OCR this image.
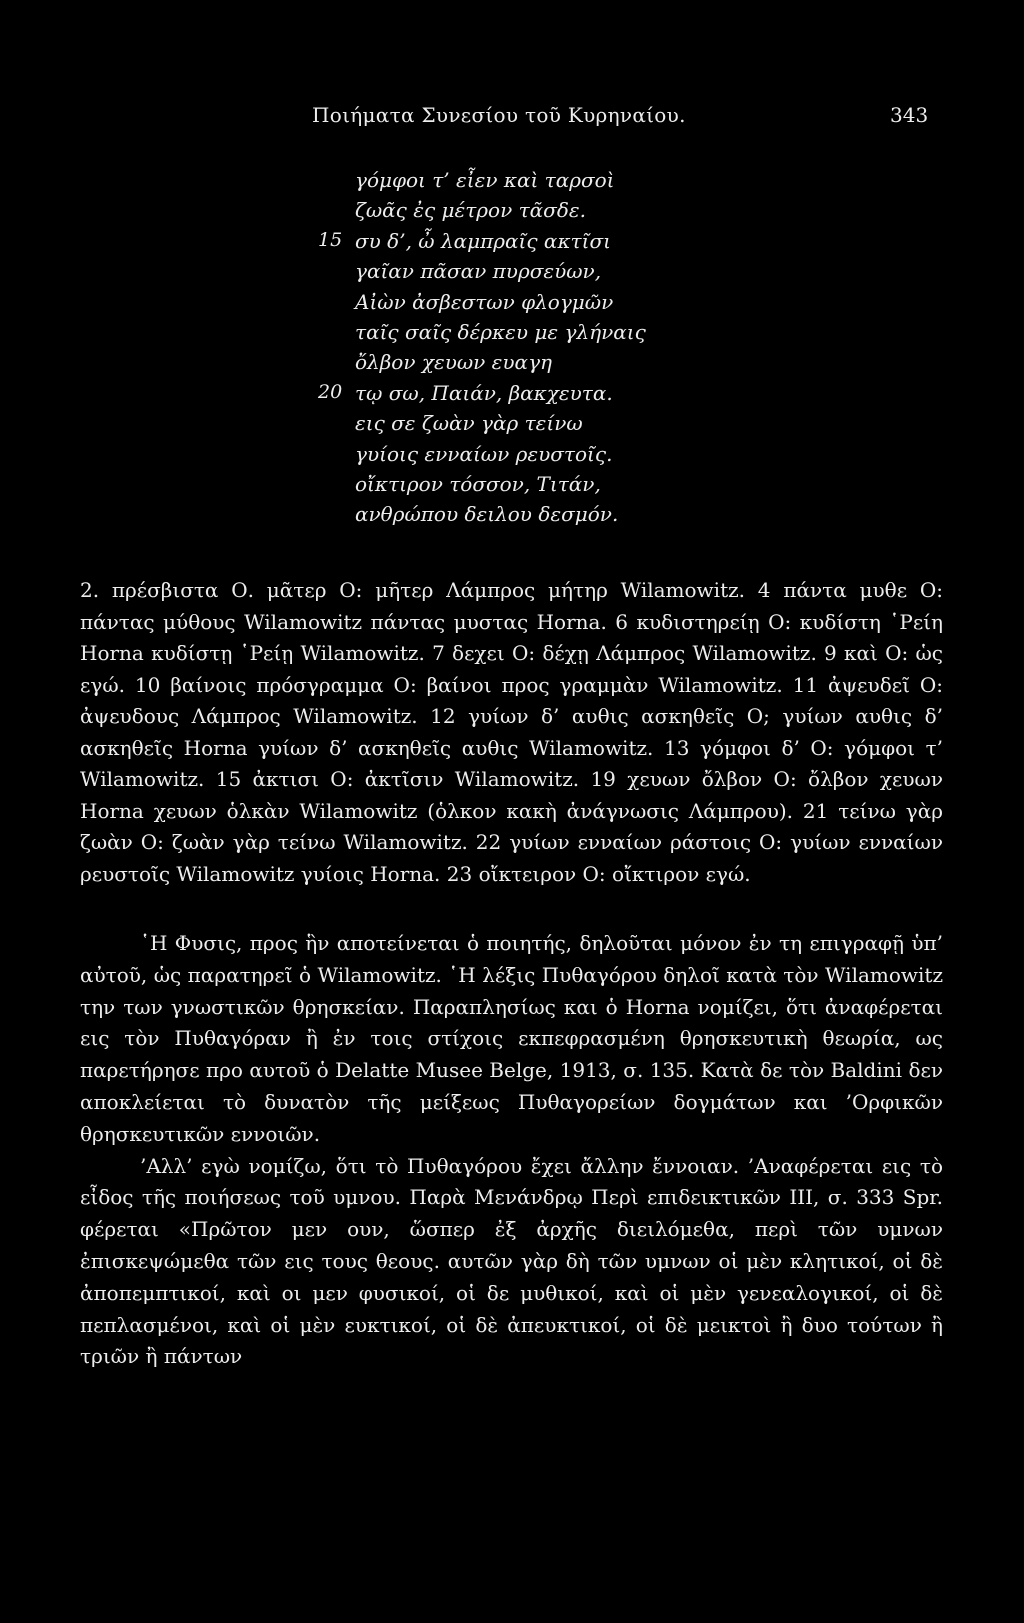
Ποιήματα Συνεσίου τοῦ Κυρηναίου.	343
γόμφοι τ’ εἶεν καὶ ταρσοὶ
ζωᾶς ἐς μέτρον τᾶσδε.
15 συ δ’, ὦ λαμπραῖς ακτῖσι
γαῖαν πᾶσαν πυρσεύων,
Αἰὼν ἀσβεστων φλογμῶν
ταῖς σαῖς δέρκευ με γλήναις
ὄλβον χευων ευαγη
20 τῳ σω, Παιάν, βακχευτα.
εις σε ζωὰν γὰρ τείνω
γυίοις ενναίων ρευστοῖς.
οἴκτιρον τόσσον, Τιτάν,
ανθρώπου δειλου δεσμόν.

2. πρέσβιστα Ο. μᾶτερ Ο: μῆτερ Λάμπρος μήτηρ Wilamowitz. 4 πάντα μυθε Ο: πάντας μύθους Wilamowitz πάντας μυστας Horna. 6 κυδιστηρείῃ Ο: κυδίστη ῾Ρείη Horna κυδίστῃ ῾Ρείῃ Wilamowitz. 7 δεχει Ο: δέχῃ Λάμπρος Wilamowitz. 9 καὶ Ο: ὡς εγώ. 10 βαίνοις πρόσγραμμα Ο: βαίνοι προς γραμμὰν Wilamowitz. 11 ἀψευδεῖ Ο: ἀψευδους Λάμπρος Wilamowitz. 12 γυίων δ’ αυθις ασκηθεῖς Ο; γυίων αυθις δ’ ασκηθεῖς Horna γυίων δ’ ασκηθεῖς αυθις Wilamowitz. 13 γόμφοι δ’ Ο: γόμφοι τ’ Wilamowitz. 15 ἀκτισι Ο: ἀκτῖσιν Wilamowitz. 19 χευων ὄλβον Ο: ὄλβον χευων Horna χευων ὁλκὰν Wilamowitz (ὁλκον κακὴ ἀνάγνωσις Λάμπρου). 21 τείνω γὰρ ζωὰν Ο: ζωὰν γὰρ τείνω Wilamowitz. 22 γυίων ενναίων ράστοις Ο: γυίων ενναίων ρευστοῖς Wilamowitz γυίοις Horna. 23 οἴκτειρον Ο: οἴκτιρον εγώ.

῾Η Φυσις, προς ἣν αποτείνεται ὁ ποιητής, δηλοῦται μόνον ἐν τη επιγραφῇ ὑπ’ αὐτοῦ, ὡς παρατηρεῖ ὁ Wilamowitz. ῾Η λέξις Πυθαγόρου δηλοῖ κατὰ τὸν Wilamowitz την των γνωστικῶν θρησκείαν. Παραπλησίως και ὁ Horna νομίζει, ὅτι ἀναφέρεται εις τὸν Πυθαγόραν ἢ ἐν τοις στίχοις εκπεφρασμένη θρησκευτικὴ θεωρία, ως παρετήρησε προ αυτοῦ ὁ Delatte Musee Belge, 1913, σ. 135. Κατὰ δε τὸν Baldini δεν αποκλείεται τὸ δυνατὸν τῆς μείξεως Πυθαγορείων δογμάτων και ’Ορφικῶν θρησκευτικῶν εννοιῶν.

’Αλλ’ εγὼ νομίζω, ὅτι τὸ Πυθαγόρου ἔχει ἄλλην ἔννοιαν. ’Αναφέρεται εις τὸ εἶδος τῆς ποιήσεως τοῦ υμνου. Παρὰ Μενάνδρῳ Περὶ επιδεικτικῶν III, σ. 333 Spr. φέρεται «Πρῶτον μεν ουν, ὥσπερ ἐξ ἀρχῆς διειλόμεθα, περὶ τῶν υμνων ἐπισκεψώμεθα τῶν εις τους θεους. αυτῶν γὰρ δὴ τῶν υμνων οἱ μὲν κλητικοί, οἱ δὲ ἀποπεμπτικοί, καὶ οι μεν φυσικοί, οἱ δε μυθικοί, καὶ οἱ μὲν γενεαλογικοί, οἱ δὲ πεπλασμένοι, καὶ οἱ μὲν ευκτικοί, οἱ δὲ ἀπευκτικοί, οἱ δὲ μεικτοὶ ἢ δυο τούτων ἢ τριῶν ἢ πάντων
